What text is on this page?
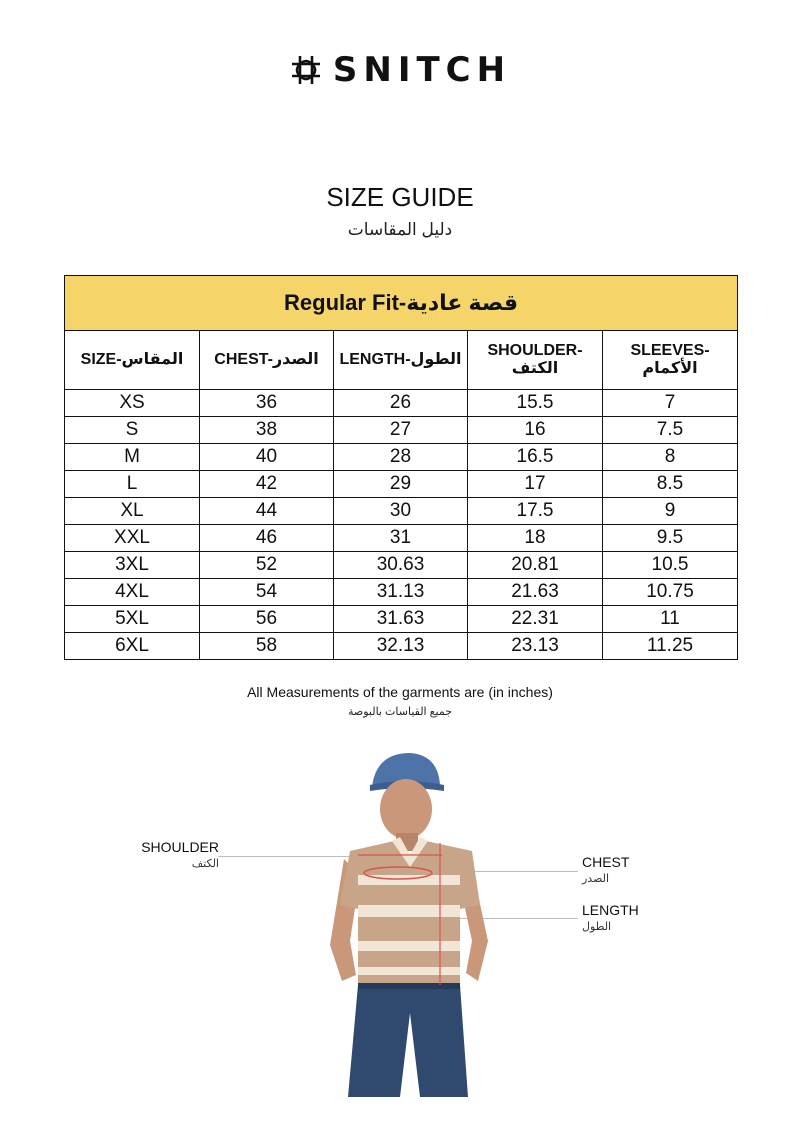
SNITCH
SIZE GUIDE
دليل المقاسات
Regular Fit-قصة عادية				
SIZE-المقاس	CHEST-الصدر	LENGTH-الطول	SHOULDER-الكتف	SLEEVES-الأكمام
XS	36	26	15.5	7
S	38	27	16	7.5
M	40	28	16.5	8
L	42	29	17	8.5
XL	44	30	17.5	9
XXL	46	31	18	9.5
3XL	52	30.63	20.81	10.5
4XL	54	31.13	21.63	10.75
5XL	56	31.63	22.31	11
6XL	58	32.13	23.13	11.25
All Measurements of the garments are (in inches)
جميع القياسات بالبوصة
SHOULDER
الكتف	CHEST
الصدر
LENGTH
الطول
